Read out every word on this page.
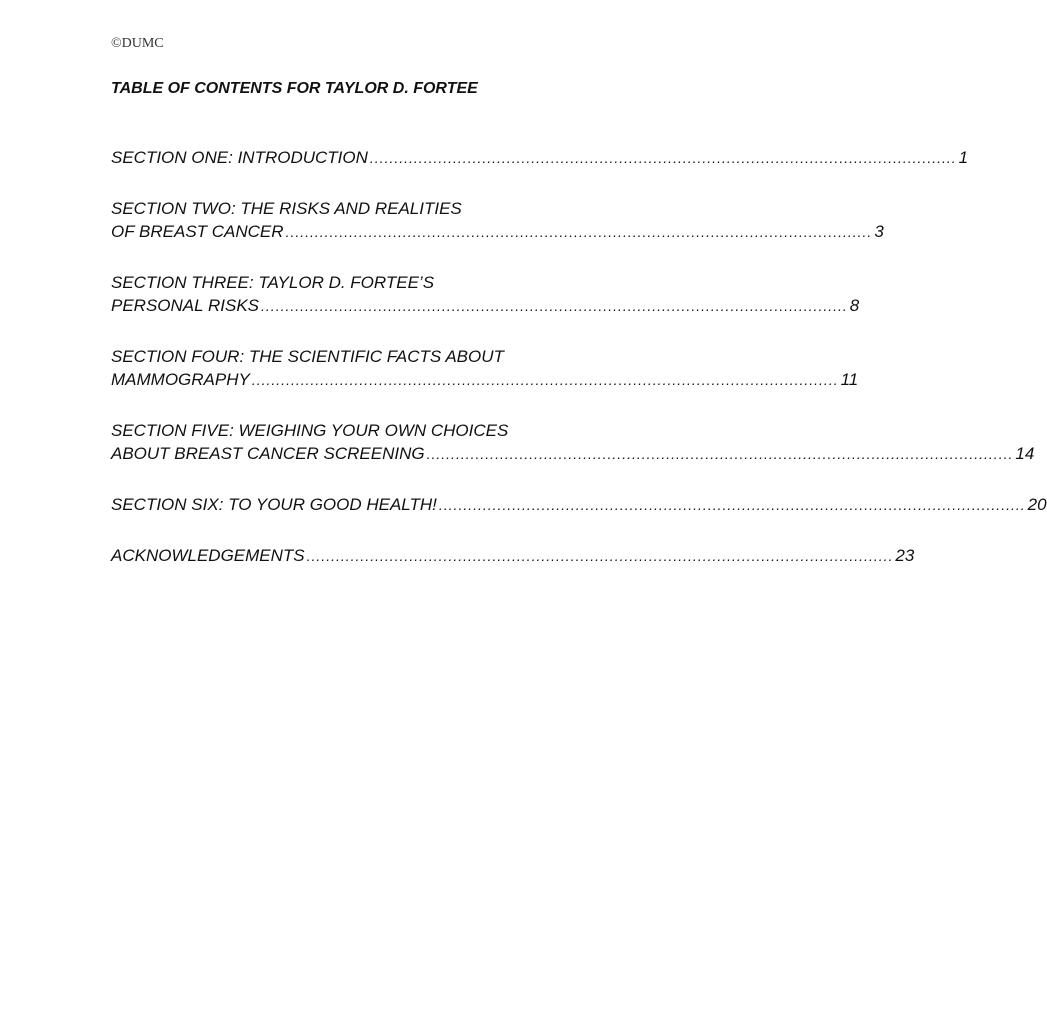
©DUMC
TABLE OF CONTENTS FOR TAYLOR D. FORTEE
SECTION ONE: INTRODUCTION ........................................................................................................................ 1
SECTION TWO: THE RISKS AND REALITIES
OF BREAST CANCER ........................................................................................................................ 3
SECTION THREE: TAYLOR D. FORTEE’S
PERSONAL RISKS ........................................................................................................................ 8
SECTION FOUR: THE SCIENTIFIC FACTS ABOUT
MAMMOGRAPHY ........................................................................................................................ 11
SECTION FIVE: WEIGHING YOUR OWN CHOICES
ABOUT BREAST CANCER SCREENING ........................................................................................................................ 14
SECTION SIX: TO YOUR GOOD HEALTH! ........................................................................................................................ 20
ACKNOWLEDGEMENTS ........................................................................................................................ 23
